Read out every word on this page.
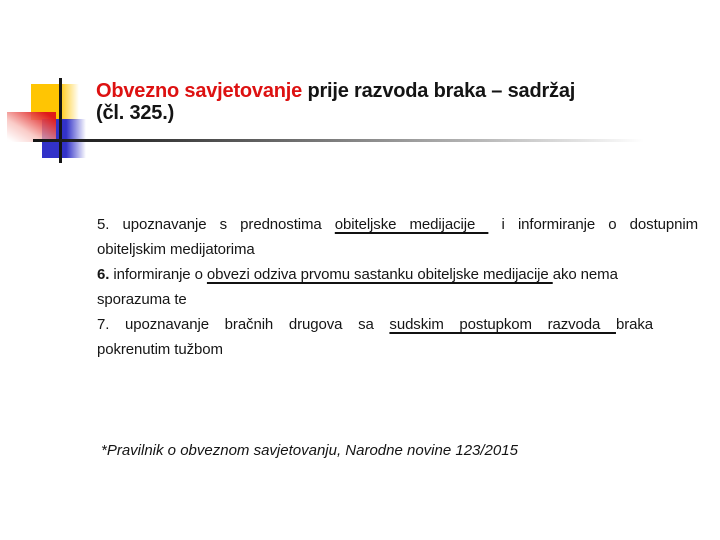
Obvezno savjetovanje prije razvoda braka – sadržaj
(čl. 325.)
5. upoznavanje s prednostima obiteljske medijacije  i informiranje o dostupnim
obiteljskim medijatorima
6. informiranje o obvezi odziva prvomu sastanku obiteljske medijacije ako nema
sporazuma te
7. upoznavanje bračnih drugova sa sudskim postupkom razvoda braka
pokrenutim tužbom
*Pravilnik o obveznom savjetovanju, Narodne novine 123/2015
